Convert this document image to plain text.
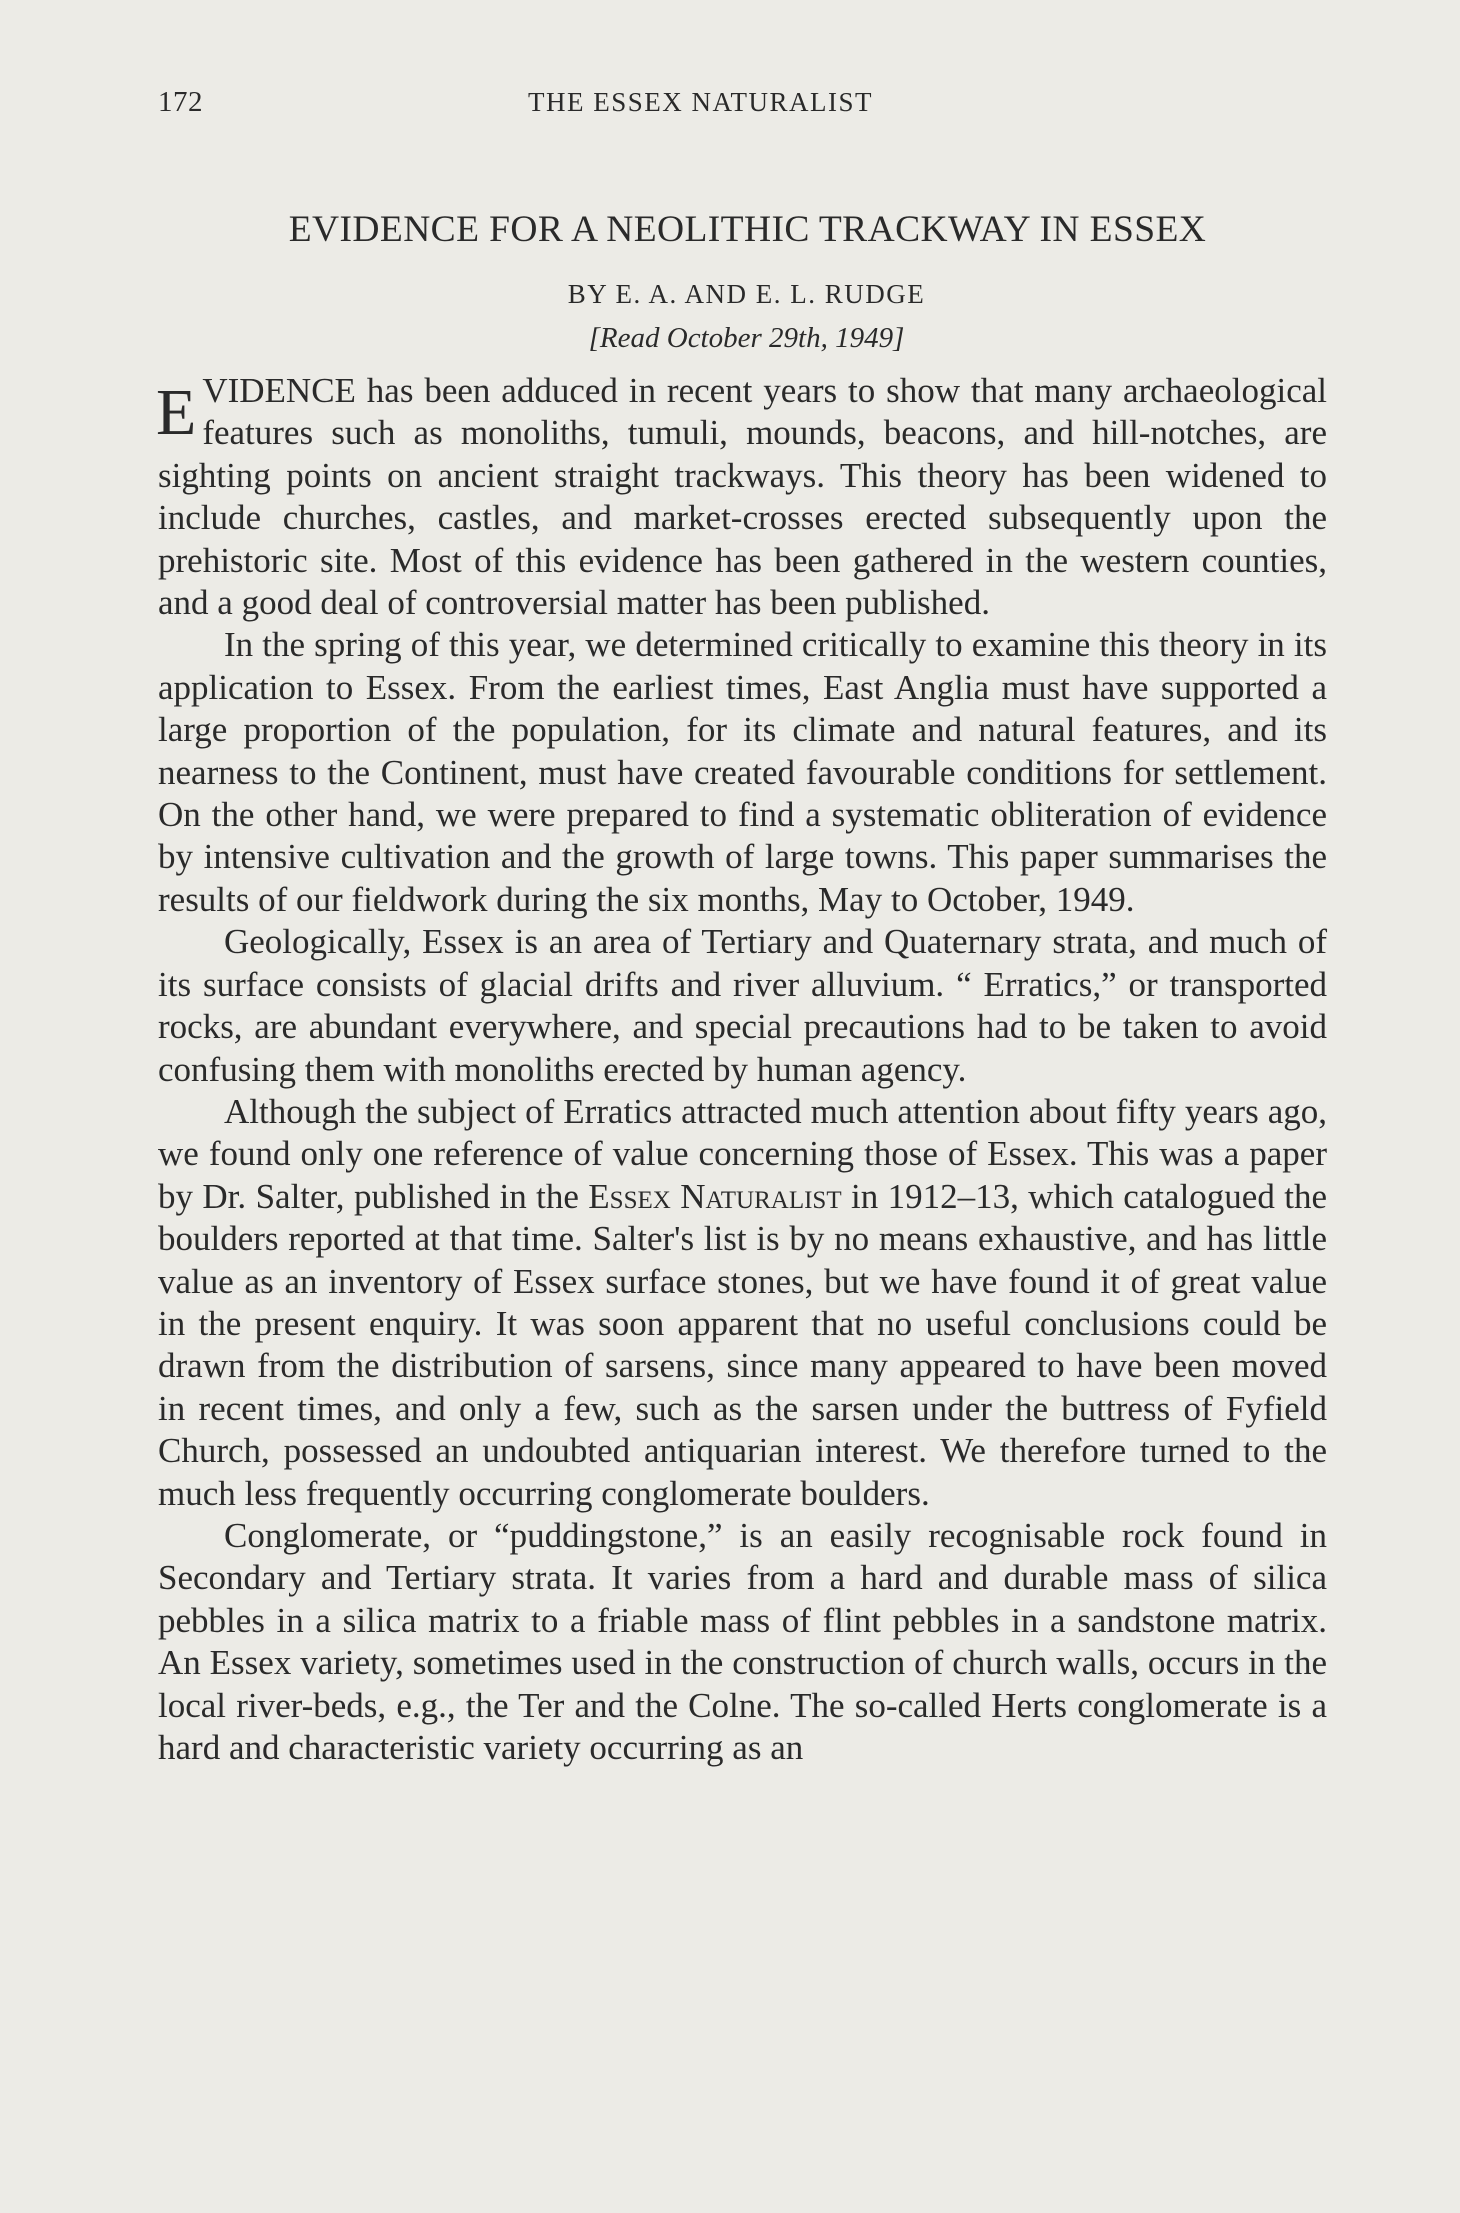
172	THE ESSEX NATURALIST
EVIDENCE FOR A NEOLITHIC TRACKWAY IN ESSEX
BY E. A. AND E. L. RUDGE
[Read October 29th, 1949]

EVIDENCE has been adduced in recent years to show that many archaeological features such as monoliths, tumuli, mounds, beacons, and hill-notches, are sighting points on ancient straight trackways. This theory has been widened to include churches, castles, and market-crosses erected subsequently upon the prehistoric site. Most of this evidence has been gathered in the western counties, and a good deal of controversial matter has been published.

In the spring of this year, we determined critically to examine this theory in its application to Essex. From the earliest times, East Anglia must have supported a large proportion of the population, for its climate and natural features, and its nearness to the Continent, must have created favourable conditions for settlement. On the other hand, we were prepared to find a systematic obliteration of evidence by intensive cultivation and the growth of large towns. This paper summarises the results of our fieldwork during the six months, May to October, 1949.

Geologically, Essex is an area of Tertiary and Quaternary strata, and much of its surface consists of glacial drifts and river alluvium. “ Erratics,” or transported rocks, are abundant everywhere, and special precautions had to be taken to avoid confusing them with monoliths erected by human agency.

Although the subject of Erratics attracted much attention about fifty years ago, we found only one reference of value concerning those of Essex. This was a paper by Dr. Salter, published in the Essex Naturalist in 1912–13, which catalogued the boulders reported at that time. Salter's list is by no means exhaustive, and has little value as an inventory of Essex surface stones, but we have found it of great value in the present enquiry. It was soon apparent that no useful conclusions could be drawn from the distribution of sarsens, since many appeared to have been moved in recent times, and only a few, such as the sarsen under the buttress of Fyfield Church, possessed an undoubted antiquarian interest. We therefore turned to the much less frequently occurring conglomerate boulders.

Conglomerate, or “puddingstone,” is an easily recognisable rock found in Secondary and Tertiary strata. It varies from a hard and durable mass of silica pebbles in a silica matrix to a friable mass of flint pebbles in a sandstone matrix. An Essex variety, sometimes used in the construction of church walls, occurs in the local river-beds, e.g., the Ter and the Colne. The so-called Herts conglomerate is a hard and characteristic variety occurring as an
